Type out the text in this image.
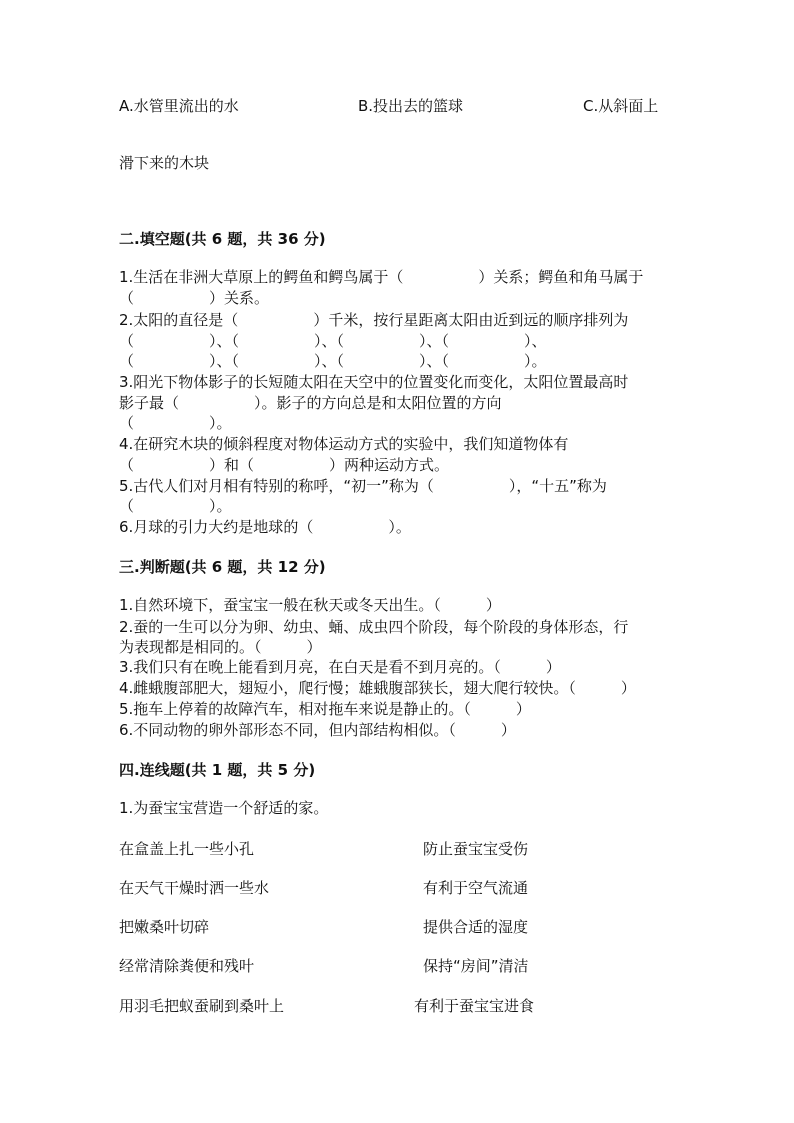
A.水管里流出的水	B.投出去的篮球	C.从斜面上
滑下来的木块
二.填空题(共 6 题，共 36 分)
1.生活在非洲大草原上的鳄鱼和鳄鸟属于（　　　　　）关系；鳄鱼和角马属于
（　　　　　）关系。
2.太阳的直径是（　　　　　）千米，按行星距离太阳由近到远的顺序排列为
（　　　　　）、（　　　　　）、（　　　　　）、（　　　　　）、
（　　　　　）、（　　　　　）、（　　　　　）、（　　　　　）。
3.阳光下物体影子的长短随太阳在天空中的位置变化而变化，太阳位置最高时
影子最（　　　　　）。影子的方向总是和太阳位置的方向
（　　　　　）。
4.在研究木块的倾斜程度对物体运动方式的实验中，我们知道物体有
（　　　　　）和（　　　　　）两种运动方式。
5.古代人们对月相有特别的称呼，“初一”称为（　　　　　），“十五”称为
（　　　　　）。
6.月球的引力大约是地球的（　　　　　）。
三.判断题(共 6 题，共 12 分)
1.自然环境下，蚕宝宝一般在秋天或冬天出生。（　　　）
2.蚕的一生可以分为卵、幼虫、蛹、成虫四个阶段，每个阶段的身体形态，行
为表现都是相同的。（　　　）
3.我们只有在晚上能看到月亮，在白天是看不到月亮的。（　　　）
4.雌蛾腹部肥大，翅短小，爬行慢；雄蛾腹部狭长，翅大爬行较快。（　　　）
5.拖车上停着的故障汽车，相对拖车来说是静止的。（　　　）
6.不同动物的卵外部形态不同，但内部结构相似。（　　　）
四.连线题(共 1 题，共 5 分)
1.为蚕宝宝营造一个舒适的家。
在盒盖上扎一些小孔	防止蚕宝宝受伤
在天气干燥时洒一些水	有利于空气流通
把嫩桑叶切碎	提供合适的湿度
经常清除粪便和残叶	保持“房间”清洁
用羽毛把蚁蚕刷到桑叶上	有利于蚕宝宝进食
